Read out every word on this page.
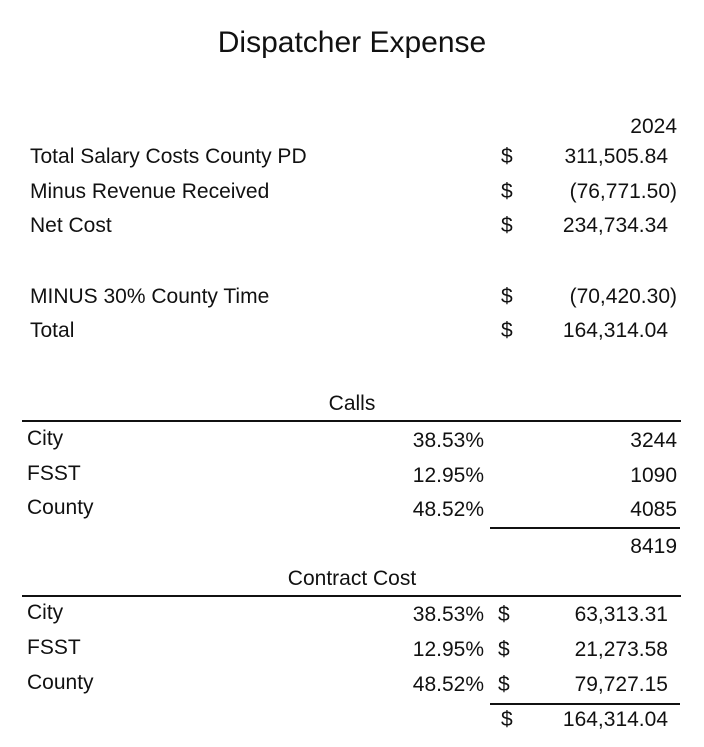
Dispatcher Expense
2024
Total Salary Costs County PD	$ 311,505.84
Minus Revenue Received	$	(76,771.50)
Net Cost	$ 234,734.34
MINUS 30% County Time	$	(70,420.30)
Total	$ 164,314.04
Calls
City	38.53%	3244
FSST	12.95%	1090
County	48.52%	4085
8419
Contract Cost
City	38.53% $	63,313.31
FSST	12.95% $	21,273.58
County	48.52% $	79,727.15
$ 164,314.04
